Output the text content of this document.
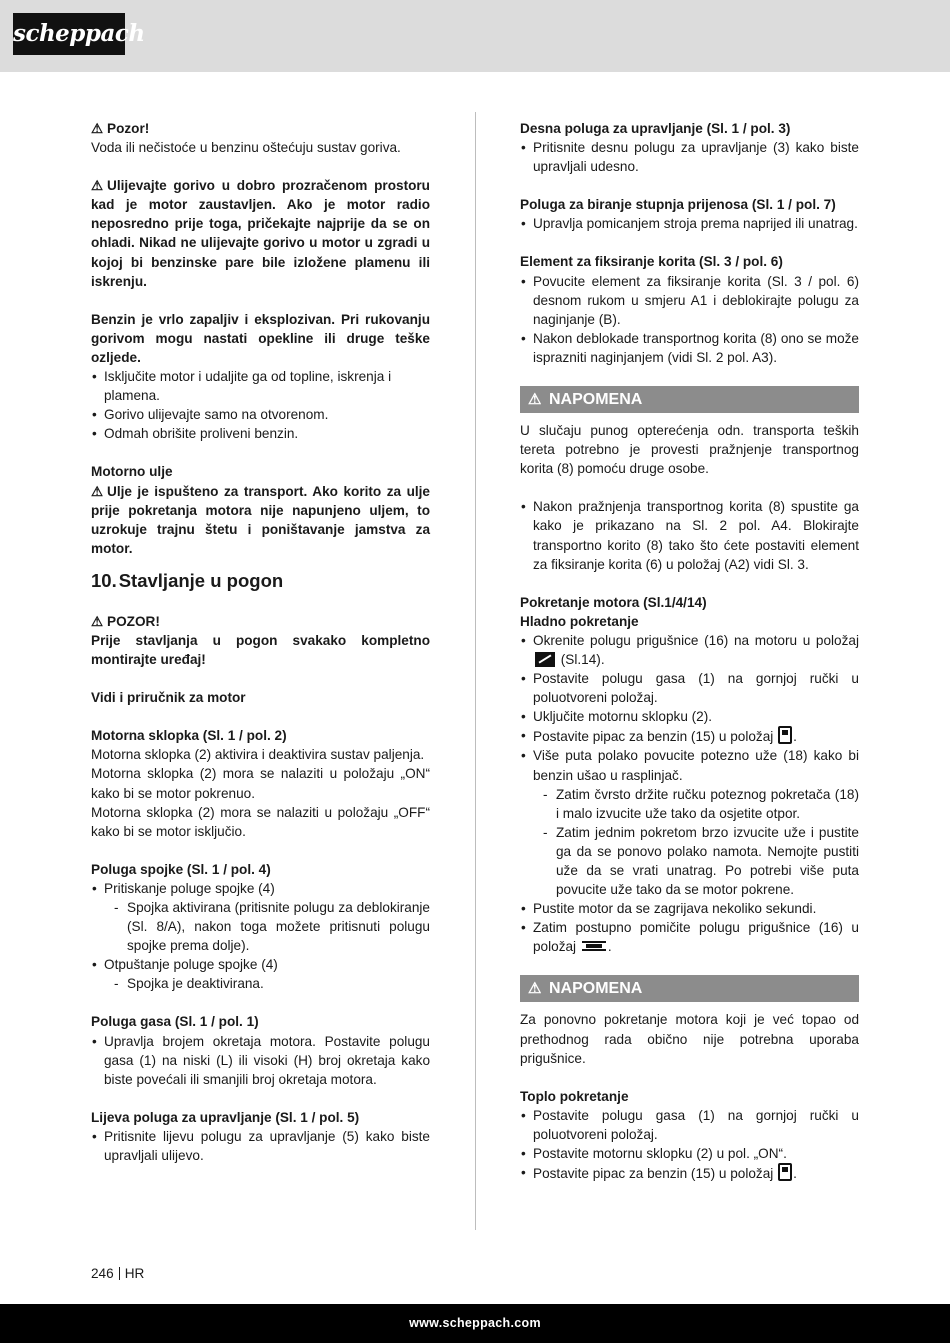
scheppach

⚠ Pozor!

Voda ili nečistoće u benzinu oštećuju sustav goriva.

⚠ Ulijevajte gorivo u dobro prozračenom prostoru kad je motor zaustavljen. Ako je motor radio neposredno prije toga, pričekajte najprije da se on ohladi. Nikad ne ulijevajte gorivo u motor u zgradi u kojoj bi benzinske pare bile izložene plamenu ili iskrenju.

Benzin je vrlo zapaljiv i eksplozivan. Pri rukovanju gorivom mogu nastati opekline ili druge teške ozljede.

• Isključite motor i udaljite ga od topline, iskrenja i plamena.
• Gorivo ulijevajte samo na otvorenom.
• Odmah obrišite proliveni benzin.

Motorno ulje

⚠ Ulje je ispušteno za transport. Ako korito za ulje prije pokretanja motora nije napunjeno uljem, to uzrokuje trajnu štetu i poništavanje jamstva za motor.

10. Stavljanje u pogon

⚠ POZOR!

Prije stavljanja u pogon svakako kompletno montirajte uređaj!

Vidi i priručnik za motor

Motorna sklopka (Sl. 1 / pol. 2)

Motorna sklopka (2) aktivira i deaktivira sustav paljenja.

Motorna sklopka (2) mora se nalaziti u položaju „ON“ kako bi se motor pokrenuo.

Motorna sklopka (2) mora se nalaziti u položaju „OFF“ kako bi se motor isključio.

Poluga spojke (Sl. 1 / pol. 4)

• Pritiskanje poluge spojke (4)
- Spojka aktivirana (pritisnite polugu za deblokiranje (Sl. 8/A), nakon toga možete pritisnuti polugu spojke prema dolje).
• Otpuštanje poluge spojke (4)
- Spojka je deaktivirana.

Poluga gasa (Sl. 1 / pol. 1)

• Upravlja brojem okretaja motora. Postavite polugu gasa (1) na niski (L) ili visoki (H) broj okretaja kako biste povećali ili smanjili broj okretaja motora.

Lijeva poluga za upravljanje (Sl. 1 / pol. 5)

• Pritisnite lijevu polugu za upravljanje (5) kako biste upravljali ulijevo.

Desna poluga za upravljanje (Sl. 1 / pol. 3)

• Pritisnite desnu polugu za upravljanje (3) kako biste upravljali udesno.

Poluga za biranje stupnja prijenosa (Sl. 1 / pol. 7)

• Upravlja pomicanjem stroja prema naprijed ili unatrag.

Element za fiksiranje korita (Sl. 3 / pol. 6)

• Povucite element za fiksiranje korita (Sl. 3 / pol. 6) desnom rukom u smjeru A1 i deblokirajte polugu za naginjanje (B).
• Nakon deblokade transportnog korita (8) ono se može isprazniti naginjanjem (vidi Sl. 2 pol. A3).
⚠ NAPOMENA

U slučaju punog opterećenja odn. transporta teških tereta potrebno je provesti pražnjenje transportnog korita (8) pomoću druge osobe.

• Nakon pražnjenja transportnog korita (8) spustite ga kako je prikazano na Sl. 2 pol. A4. Blokirajte transportno korito (8) tako što ćete postaviti element za fiksiranje korita (6) u položaj (A2) vidi Sl. 3.

Pokretanje motora (Sl.1/4/14)

Hladno pokretanje

• Okrenite polugu prigušnice (16) na motoru u položaj  (Sl.14).
• Postavite polugu gasa (1) na gornjoj ručki u poluotvoreni položaj.
• Uključite motornu sklopku (2).
• Postavite pipac za benzin (15) u položaj .
• Više puta polako povucite potezno uže (18) kako bi benzin ušao u rasplinjač.
- Zatim čvrsto držite ručku poteznog pokretača (18) i malo izvucite uže tako da osjetite otpor.
- Zatim jednim pokretom brzo izvucite uže i pustite ga da se ponovo polako namota. Nemojte pustiti uže da se vrati unatrag. Po potrebi više puta povucite uže tako da se motor pokrene.
• Pustite motor da se zagrijava nekoliko sekundi.
• Zatim postupno pomičite polugu prigušnice (16) u položaj .
⚠ NAPOMENA

Za ponovno pokretanje motora koji je već topao od prethodnog rada obično nije potrebna uporaba prigušnice.

Toplo pokretanje

• Postavite polugu gasa (1) na gornjoj ručki u poluotvoreni položaj.
• Postavite motornu sklopku (2) u pol. „ON“.
• Postavite pipac za benzin (15) u položaj .
246 HR
www.scheppach.com
